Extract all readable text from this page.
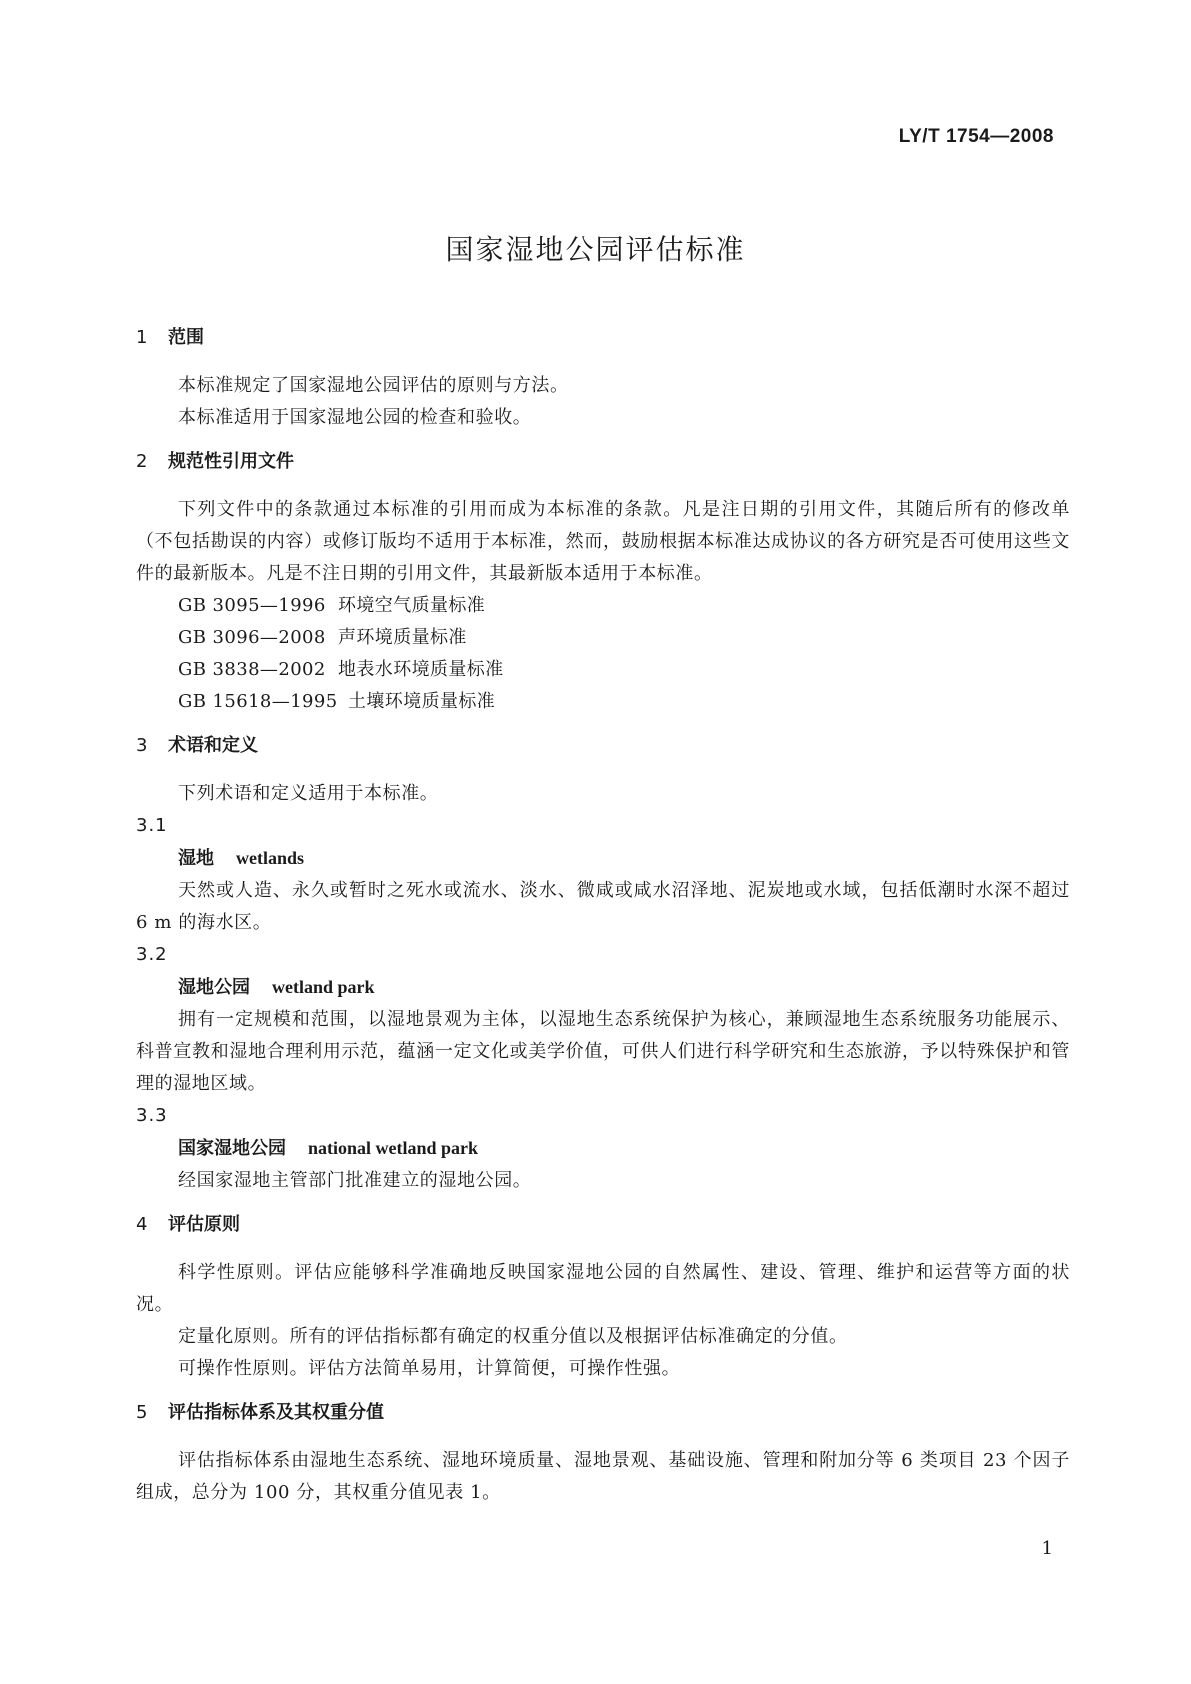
LY/T 1754—2008
国家湿地公园评估标准
1	范围

本标准规定了国家湿地公园评估的原则与方法。

本标准适用于国家湿地公园的检查和验收。

2	规范性引用文件

下列文件中的条款通过本标准的引用而成为本标准的条款。凡是注日期的引用文件，其随后所有的修改单（不包括勘误的内容）或修订版均不适用于本标准，然而，鼓励根据本标准达成协议的各方研究是否可使用这些文件的最新版本。凡是不注日期的引用文件，其最新版本适用于本标准。

GB 3095—1996 环境空气质量标准

GB 3096—2008 声环境质量标准

GB 3838—2002 地表水环境质量标准

GB 15618—1995 土壤环境质量标准

3	术语和定义

下列术语和定义适用于本标准。

3.1

湿地 wetlands

天然或人造、永久或暂时之死水或流水、淡水、微咸或咸水沼泽地、泥炭地或水域，包括低潮时水深不超过 6 m 的海水区。

3.2

湿地公园 wetland park

拥有一定规模和范围，以湿地景观为主体，以湿地生态系统保护为核心，兼顾湿地生态系统服务功能展示、科普宣教和湿地合理利用示范，蕴涵一定文化或美学价值，可供人们进行科学研究和生态旅游，予以特殊保护和管理的湿地区域。

3.3

国家湿地公园 national wetland park

经国家湿地主管部门批准建立的湿地公园。

4	评估原则

科学性原则。评估应能够科学准确地反映国家湿地公园的自然属性、建设、管理、维护和运营等方面的状况。

定量化原则。所有的评估指标都有确定的权重分值以及根据评估标准确定的分值。

可操作性原则。评估方法简单易用，计算简便，可操作性强。

5	评估指标体系及其权重分值

评估指标体系由湿地生态系统、湿地环境质量、湿地景观、基础设施、管理和附加分等 6 类项目 23 个因子组成，总分为 100 分，其权重分值见表 1。

1
